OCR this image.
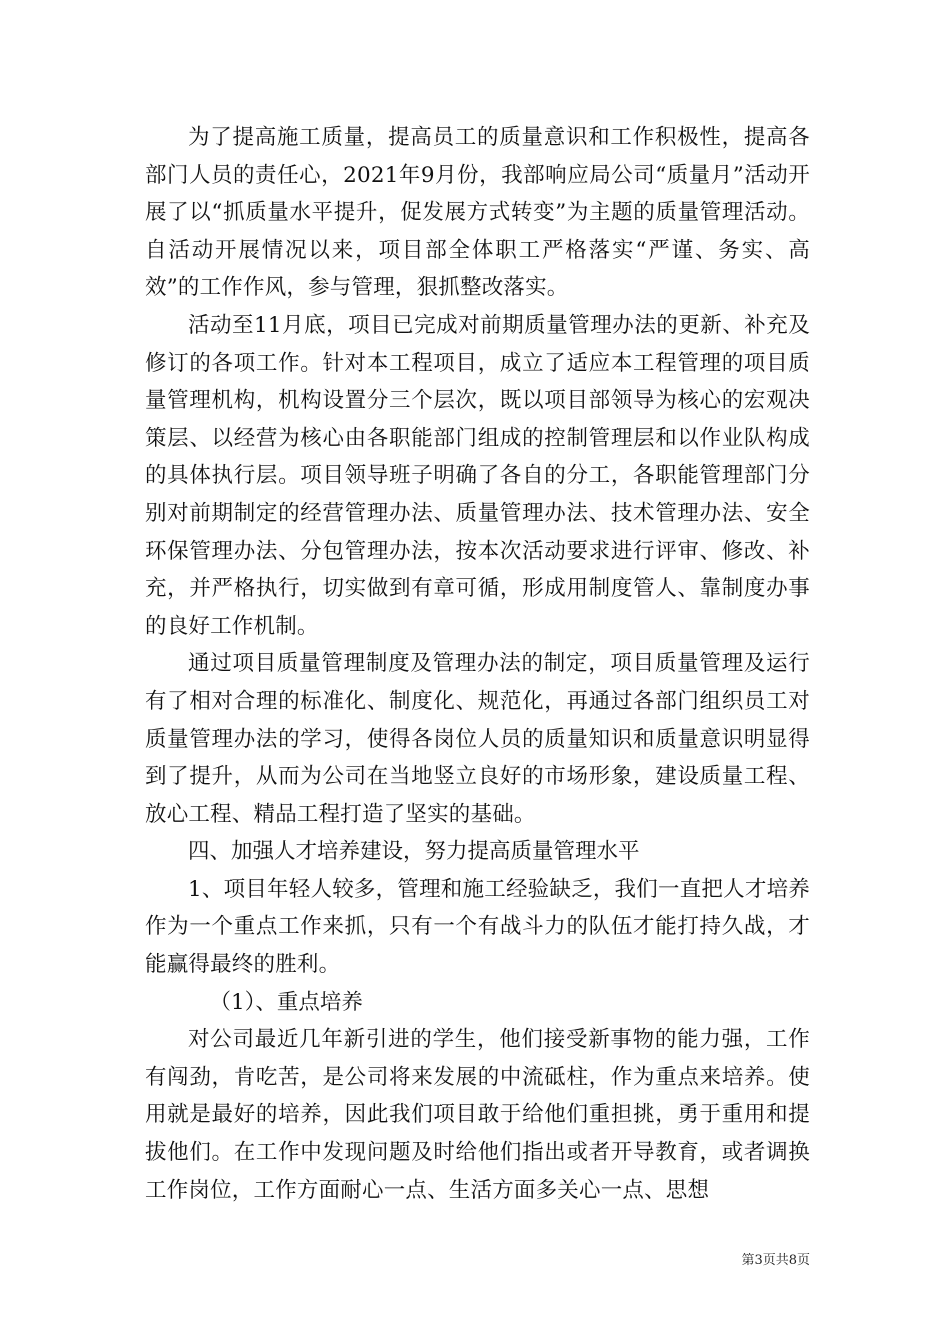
为了提高施工质量，提高员工的质量意识和工作积极性，提高各部门人员的责任心，2021年9月份，我部响应局公司“质量月”活动开展了以“抓质量水平提升，促发展方式转变”为主题的质量管理活动。自活动开展情况以来，项目部全体职工严格落实“严谨、务实、高效”的工作作风，参与管理，狠抓整改落实。

活动至11月底，项目已完成对前期质量管理办法的更新、补充及修订的各项工作。针对本工程项目，成立了适应本工程管理的项目质量管理机构，机构设置分三个层次，既以项目部领导为核心的宏观决策层、以经营为核心由各职能部门组成的控制管理层和以作业队构成的具体执行层。项目领导班子明确了各自的分工，各职能管理部门分别对前期制定的经营管理办法、质量管理办法、技术管理办法、安全环保管理办法、分包管理办法，按本次活动要求进行评审、修改、补充，并严格执行，切实做到有章可循，形成用制度管人、靠制度办事的良好工作机制。

通过项目质量管理制度及管理办法的制定，项目质量管理及运行有了相对合理的标准化、制度化、规范化，再通过各部门组织员工对质量管理办法的学习，使得各岗位人员的质量知识和质量意识明显得到了提升，从而为公司在当地竖立良好的市场形象，建设质量工程、放心工程、精品工程打造了坚实的基础。

四、加强人才培养建设，努力提高质量管理水平

1、项目年轻人较多，管理和施工经验缺乏，我们一直把人才培养作为一个重点工作来抓，只有一个有战斗力的队伍才能打持久战，才能赢得最终的胜利。

（1）、重点培养

对公司最近几年新引进的学生，他们接受新事物的能力强，工作有闯劲，肯吃苦，是公司将来发展的中流砥柱，作为重点来培养。使用就是最好的培养，因此我们项目敢于给他们重担挑，勇于重用和提拔他们。在工作中发现问题及时给他们指出或者开导教育，或者调换工作岗位，工作方面耐心一点、生活方面多关心一点、思想

第3页共8页
